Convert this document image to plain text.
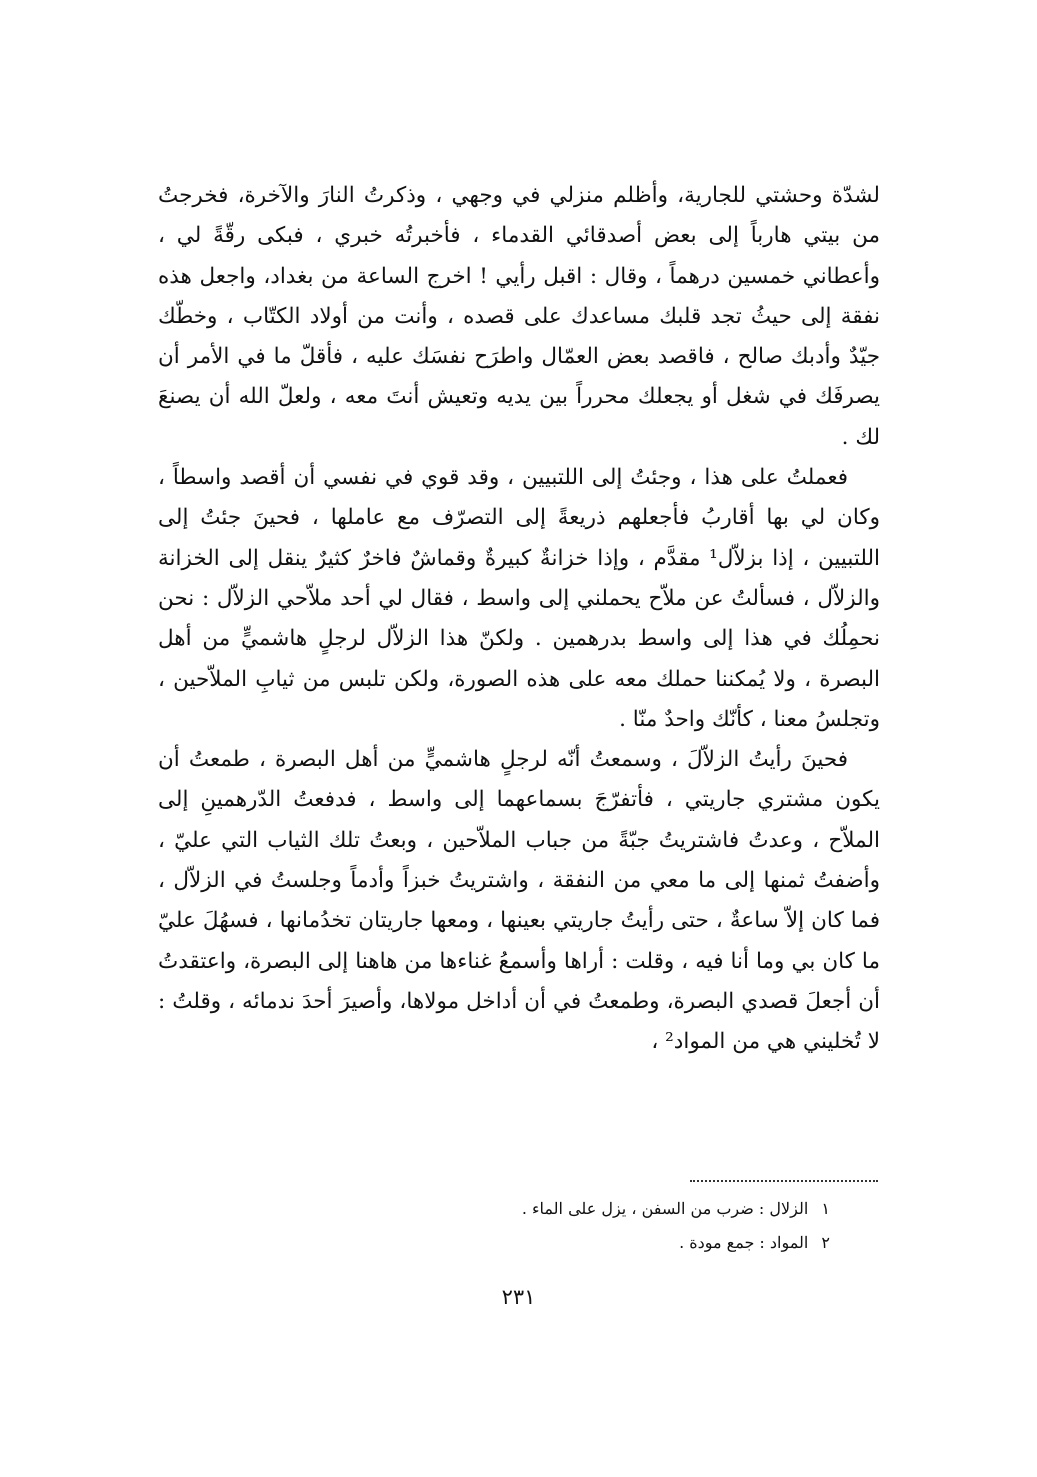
لشدّة وحشتي للجارية، وأظلم منزلي في وجهي ، وذكرتُ النارَ والآخرة، فخرجتُ من بيتي هارباً إلى بعض أصدقائي القدماء ، فأخبرتُه خبري ، فبكى رقّةً لي ، وأعطاني خمسين درهماً ، وقال : اقبل رأيي ! اخرج الساعة من بغداد، واجعل هذه نفقة إلى حيثُ تجد قلبك مساعدك على قصده ، وأنت من أولاد الكتّاب ، وخطّك جيّدٌ وأدبك صالح ، فاقصد بعض العمّال واطرَح نفسَك عليه ، فأقلّ ما في الأمر أن يصرفَك في شغل أو يجعلك محرراً بين يديه وتعيش أنتَ معه ، ولعلّ الله أن يصنعَ لك .

فعملتُ على هذا ، وجئتُ إلى اللتبيين ، وقد قوي في نفسي أن أقصد واسطاً ، وكان لي بها أقاربُ فأجعلهم ذريعةً إلى التصرّف مع عاملها ، فحينَ جئتُ إلى اللتبيين ، إذا بزلاّل¹ مقدَّم ، وإذا خزانةٌ كبيرةٌ وقماشٌ فاخرٌ كثيرٌ ينقل إلى الخزانة والزلاّل ، فسألتُ عن ملاّح يحملني إلى واسط ، فقال لي أحد ملاّحي الزلاّل : نحن نحمِلُك في هذا إلى واسط بدرهمين . ولكنّ هذا الزلاّل لرجلٍ هاشميٍّ من أهل البصرة ، ولا يُمكننا حملك معه على هذه الصورة، ولكن تلبس من ثيابِ الملاّحين ، وتجلسُ معنا ، كأنّك واحدٌ منّا .

فحينَ رأيتُ الزلاّلَ ، وسمعتُ أنّه لرجلٍ هاشميٍّ من أهل البصرة ، طمعتُ أن يكون مشتري جاريتي ، فأتفرّجَ بسماعهما إلى واسط ، فدفعتُ الدّرهمينِ إلى الملاّح ، وعدتُ فاشتريتُ جبّةً من جباب الملاّحين ، وبعتُ تلك الثياب التي عليّ ، وأضفتُ ثمنها إلى ما معي من النفقة ، واشتريتُ خبزاً وأدماً وجلستُ في الزلاّل ، فما كان إلاّ ساعةٌ ، حتى رأيتُ جاريتي بعينها ، ومعها جاريتان تخدُمانها ، فسهُلَ عليّ ما كان بي وما أنا فيه ، وقلت : أراها وأسمعُ غناءها من هاهنا إلى البصرة، واعتقدتُ أن أجعلَ قصدي البصرة، وطمعتُ في أن أداخل مولاها، وأصيرَ أحدَ ندمائه ، وقلتُ : لا تُخليني هي من المواد² ،

١ الزلال : ضرب من السفن ، يزل على الماء .

٢ المواد : جمع مودة .

٢٣١
